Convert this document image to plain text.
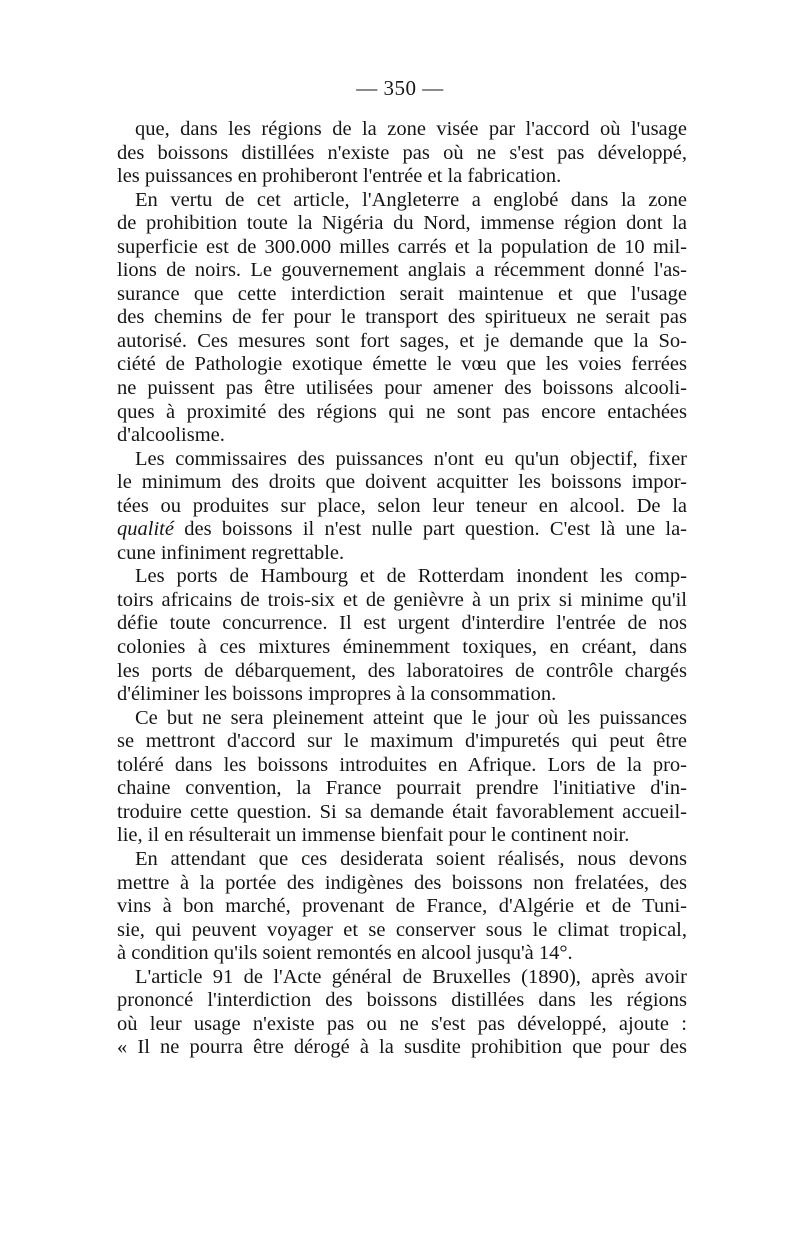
— 350 —
que, dans les régions de la zone visée par l'accord où l'usage
des boissons distillées n'existe pas où ne s'est pas développé,
les puissances en prohiberont l'entrée et la fabrication.
En vertu de cet article, l'Angleterre a englobé dans la zone
de prohibition toute la Nigéria du Nord, immense région dont la
superficie est de 300.000 milles carrés et la population de 10 mil-
lions de noirs. Le gouvernement anglais a récemment donné l'as-
surance que cette interdiction serait maintenue et que l'usage
des chemins de fer pour le transport des spiritueux ne serait pas
autorisé. Ces mesures sont fort sages, et je demande que la So-
ciété de Pathologie exotique émette le vœu que les voies ferrées
ne puissent pas être utilisées pour amener des boissons alcooli-
ques à proximité des régions qui ne sont pas encore entachées
d'alcoolisme.
Les commissaires des puissances n'ont eu qu'un objectif, fixer
le minimum des droits que doivent acquitter les boissons impor-
tées ou produites sur place, selon leur teneur en alcool. De la
qualité des boissons il n'est nulle part question. C'est là une la-
cune infiniment regrettable.
Les ports de Hambourg et de Rotterdam inondent les comp-
toirs africains de trois-six et de genièvre à un prix si minime qu'il
défie toute concurrence. Il est urgent d'interdire l'entrée de nos
colonies à ces mixtures éminemment toxiques, en créant, dans
les ports de débarquement, des laboratoires de contrôle chargés
d'éliminer les boissons impropres à la consommation.
Ce but ne sera pleinement atteint que le jour où les puissances
se mettront d'accord sur le maximum d'impuretés qui peut être
toléré dans les boissons introduites en Afrique. Lors de la pro-
chaine convention, la France pourrait prendre l'initiative d'in-
troduire cette question. Si sa demande était favorablement accueil-
lie, il en résulterait un immense bienfait pour le continent noir.
En attendant que ces desiderata soient réalisés, nous devons
mettre à la portée des indigènes des boissons non frelatées, des
vins à bon marché, provenant de France, d'Algérie et de Tuni-
sie, qui peuvent voyager et se conserver sous le climat tropical,
à condition qu'ils soient remontés en alcool jusqu'à 14°.
L'article 91 de l'Acte général de Bruxelles (1890), après avoir
prononcé l'interdiction des boissons distillées dans les régions
où leur usage n'existe pas ou ne s'est pas développé, ajoute :
« Il ne pourra être dérogé à la susdite prohibition que pour des
